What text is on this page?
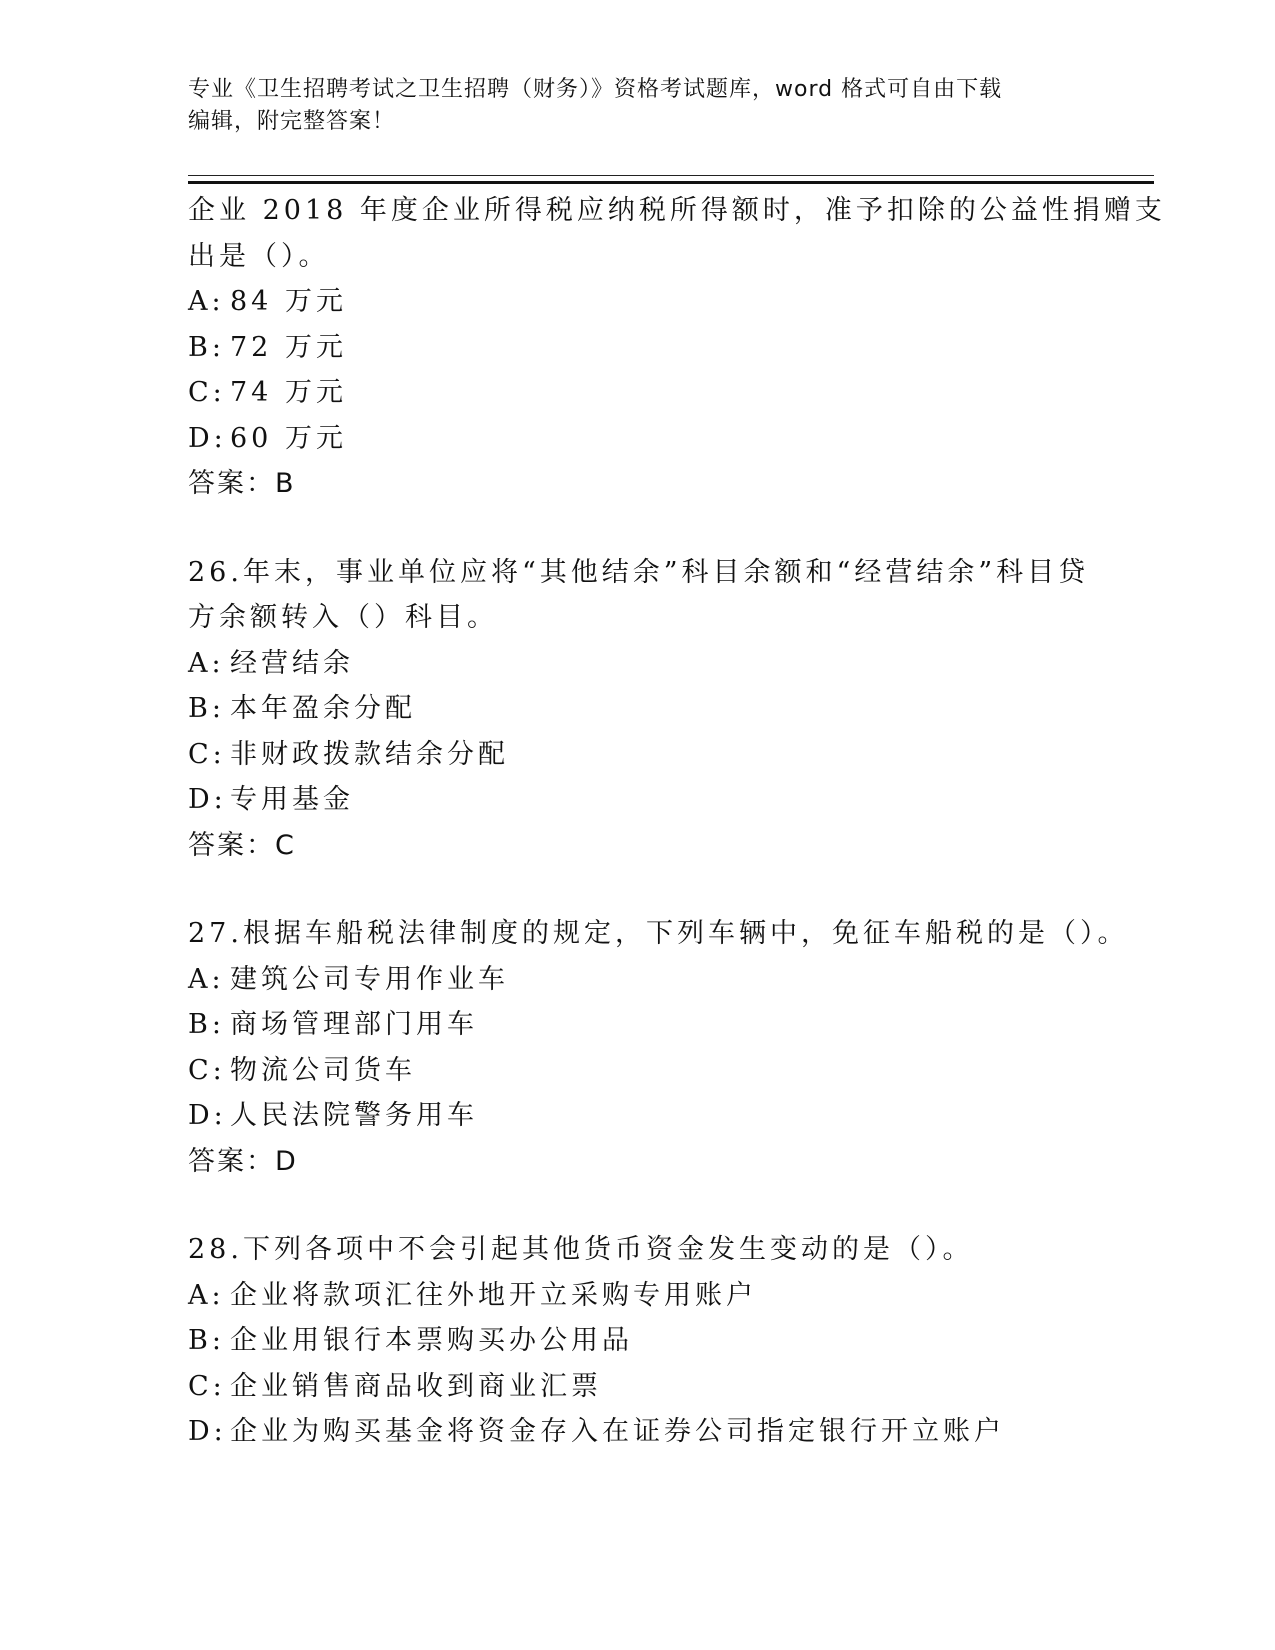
专业《卫生招聘考试之卫生招聘（财务）》资格考试题库，word 格式可自由下载
编辑，附完整答案！
企业 2018 年度企业所得税应纳税所得额时，准予扣除的公益性捐赠支
出是（）。
A: 84 万元
B: 72 万元
C: 74 万元
D: 60 万元
答案：B
26.年末，事业单位应将“其他结余”科目余额和“经营结余”科目贷
方余额转入（）科目。
A: 经营结余
B: 本年盈余分配
C: 非财政拨款结余分配
D: 专用基金
答案：C
27.根据车船税法律制度的规定，下列车辆中，免征车船税的是（）。
A: 建筑公司专用作业车
B: 商场管理部门用车
C: 物流公司货车
D: 人民法院警务用车
答案：D
28.下列各项中不会引起其他货币资金发生变动的是（）。
A: 企业将款项汇往外地开立采购专用账户
B: 企业用银行本票购买办公用品
C: 企业销售商品收到商业汇票
D: 企业为购买基金将资金存入在证券公司指定银行开立账户
